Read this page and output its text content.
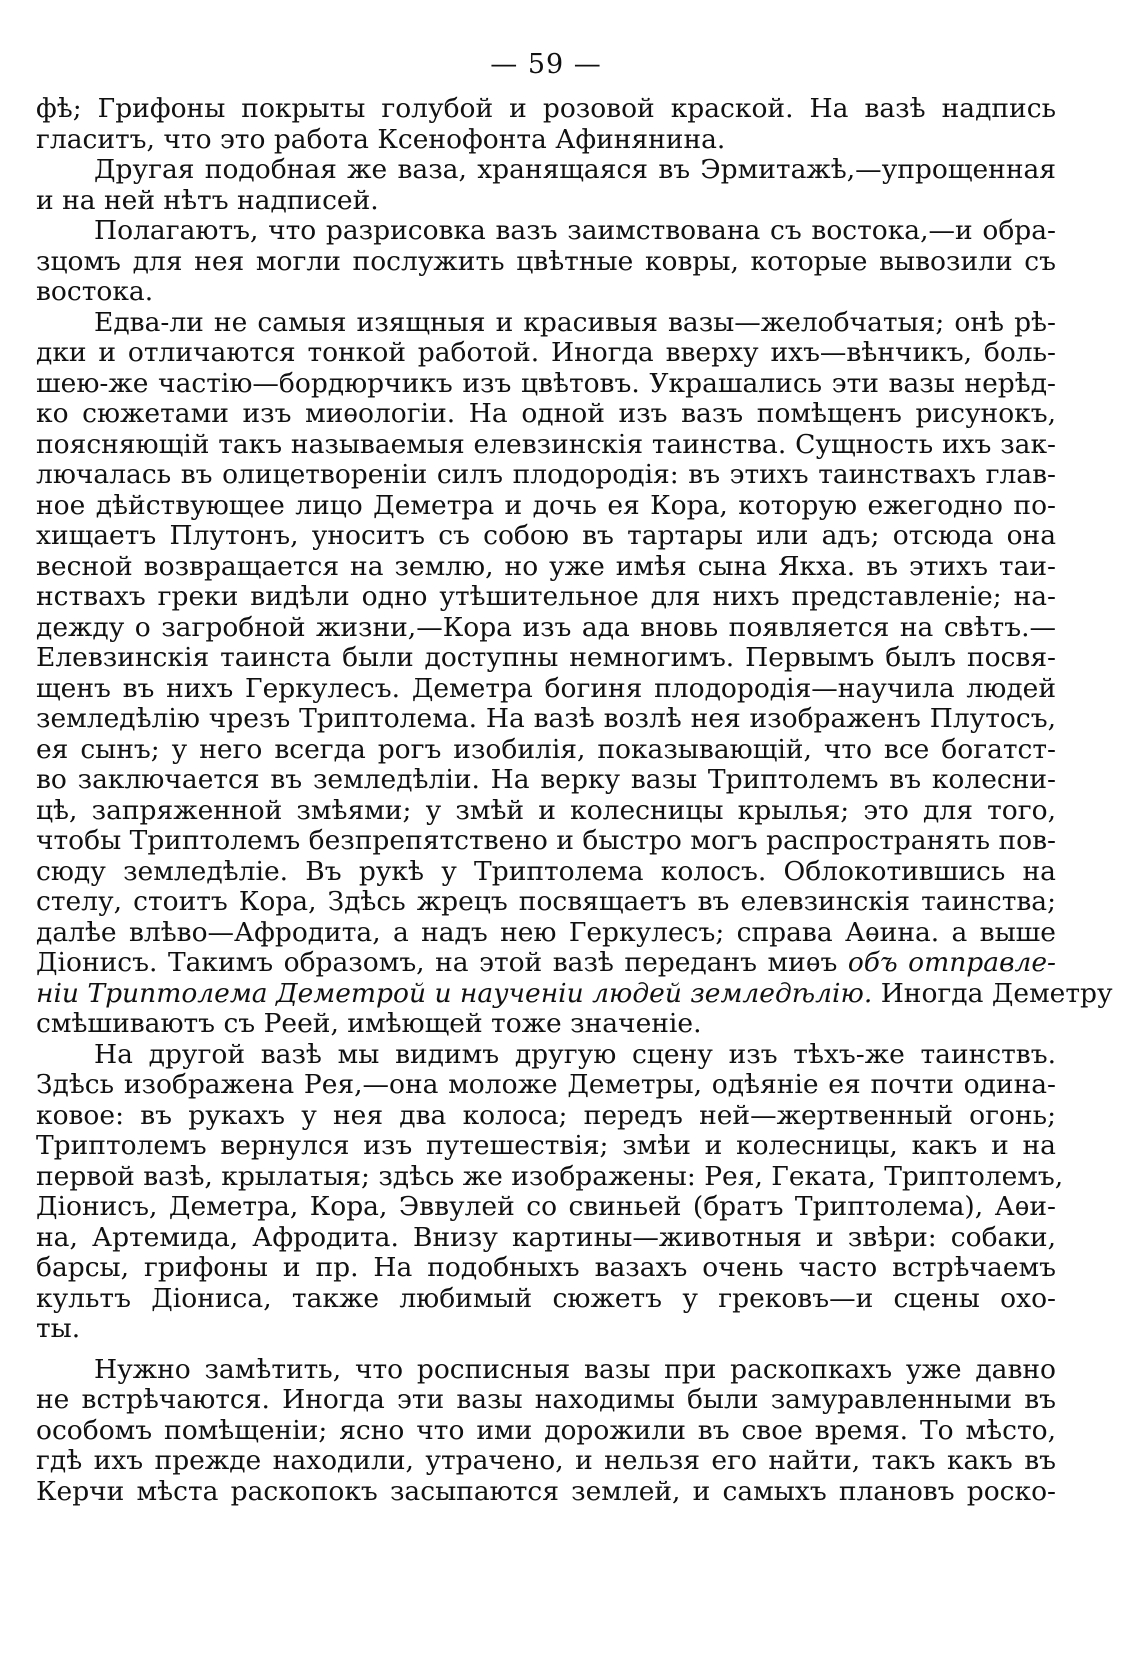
— 59 —
фѣ; Грифоны покрыты голубой и розовой краской. На вазѣ надпись
гласитъ, что это работа Ксенофонта Афинянина.
Другая подобная же ваза, хранящаяся въ Эрмитажѣ,—упрощенная
и на ней нѣтъ надписей.
Полагаютъ, что разрисовка вазъ заимствована съ востока,—и обра-
зцомъ для нея могли послужить цвѣтные ковры, которые вывозили съ
востока.
Едва-ли не самыя изящныя и красивыя вазы—желобчатыя; онѣ рѣ-
дки и отличаются тонкой работой. Иногда вверху ихъ—вѣнчикъ, боль-
шею-же частію—бордюрчикъ изъ цвѣтовъ. Украшались эти вазы нерѣд-
ко сюжетами изъ миѳологіи. На одной изъ вазъ помѣщенъ рисунокъ,
поясняющій такъ называемыя елевзинскія таинства. Сущность ихъ зак-
лючалась въ олицетвореніи силъ плодородія: въ этихъ таинствахъ глав-
ное дѣйствующее лицо Деметра и дочь ея Кора, которую ежегодно по-
хищаетъ Плутонъ, уноситъ съ собою въ тартары или адъ; отсюда она
весной возвращается на землю, но уже имѣя сына Якха. въ этихъ таи-
нствахъ греки видѣли одно утѣшительное для нихъ представленіе; на-
дежду о загробной жизни,—Кора изъ ада вновь появляется на свѣтъ.—
Елевзинскія таинста были доступны немногимъ. Первымъ былъ посвя-
щенъ въ нихъ Геркулесъ. Деметра богиня плодородія—научила людей
земледѣлію чрезъ Триптолема. На вазѣ возлѣ нея изображенъ Плутосъ,
ея сынъ; у него всегда рогъ изобилія, показывающій, что все богатст-
во заключается въ земледѣліи. На верку вазы Триптолемъ въ колесни-
цѣ, запряженной змѣями; у змѣй и колесницы крылья; это для того,
чтобы Триптолемъ безпрепятствено и быстро могъ распространять пов-
сюду земледѣліе. Въ рукѣ у Триптолема колосъ. Облокотившись на
стелу, стоитъ Кора, Здѣсь жрецъ посвящаетъ въ елевзинскія таинства;
далѣе влѣво—Афродита, а надъ нею Геркулесъ; справа Аѳина. а выше
Діонисъ. Такимъ образомъ, на этой вазѣ переданъ миѳъ объ отправле-
ніи Триптолема Деметрой и наученіи людей земледѣлію. Иногда Деметру
смѣшиваютъ съ Реей, имѣющей тоже значеніе.
На другой вазѣ мы видимъ другую сцену изъ тѣхъ-же таинствъ.
Здѣсь изображена Рея,—она моложе Деметры, одѣяніе ея почти одина-
ковое: въ рукахъ у нея два колоса; передъ ней—жертвенный огонь;
Триптолемъ вернулся изъ путешествія; змѣи и колесницы, какъ и на
первой вазѣ, крылатыя; здѣсь же изображены: Рея, Геката, Триптолемъ,
Діонисъ, Деметра, Кора, Эввулей со свиньей (братъ Триптолема), Аѳи-
на, Артемида, Афродита. Внизу картины—животныя и звѣри: собаки,
барсы, грифоны и пр. На подобныхъ вазахъ очень часто встрѣчаемъ
культъ Діониса, также любимый сюжетъ у грековъ—и сцены охо-
ты.
Нужно замѣтить, что росписныя вазы при раскопкахъ уже давно
не встрѣчаются. Иногда эти вазы находимы были замуравленными въ
особомъ помѣщеніи; ясно что ими дорожили въ свое время. То мѣсто,
гдѣ ихъ прежде находили, утрачено, и нельзя его найти, такъ какъ въ
Керчи мѣста раскопокъ засыпаются землей, и самыхъ плановъ роско-
